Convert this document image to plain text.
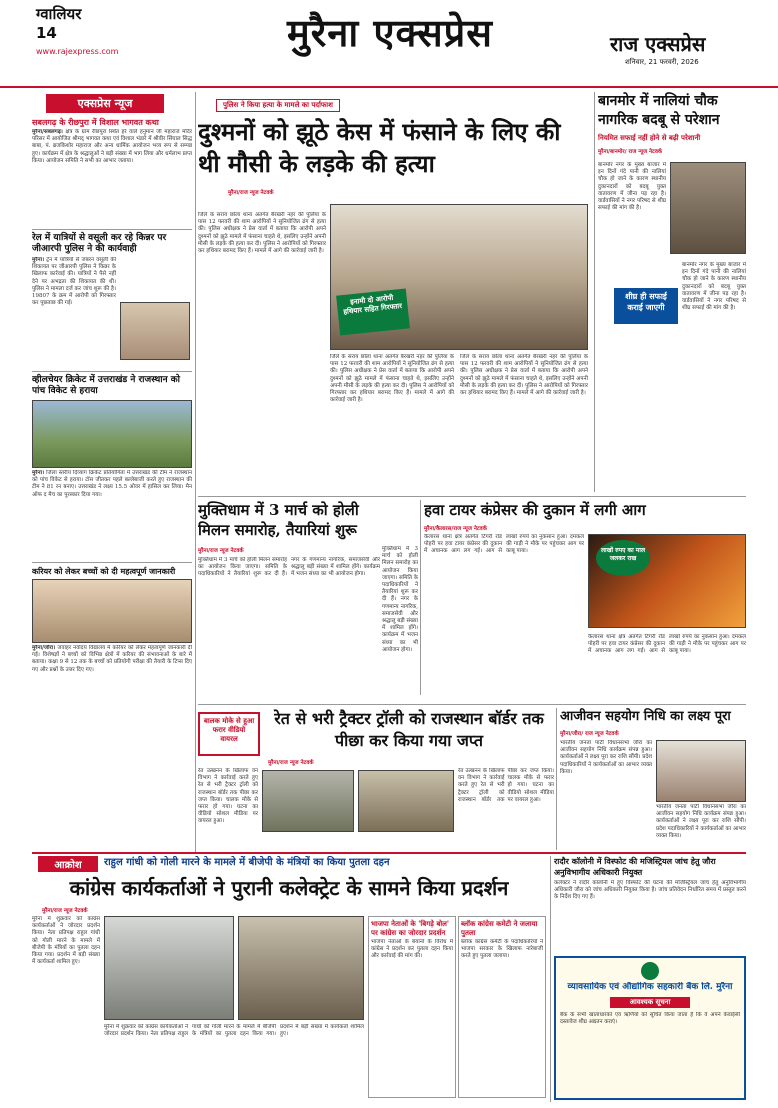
ग्वालियर
14
www.rajexpress.com	मुरैना एक्सप्रेस	राज एक्सप्रेस
शनिवार, 21 फरवरी, 2026
एक्सप्रेस न्यूज
सबलगढ़ के रीछपुरा में विशाल भागवत कथा
मुरैना/सबलगढ़। क्षेत्र के ग्राम रीछपुरा स्थित हरे वाले हनुमान जी महाराज मंदिर परिसर में आयोजित श्रीमद् भागवत कथा एवं विशाल भंडारे में श्रीवीर सिंघाल सिद्ध बाबा, पं. ब्रजकिशोर महाराज और अन्य धार्मिक आयोजन भव्य रूप से सम्पन्न हुए। कार्यक्रम में क्षेत्र के श्रद्धालुओं ने बड़ी संख्या में भाग लिया और धर्मलाभ प्राप्त किया। आयोजन समिति ने सभी का आभार जताया।
रेल में यात्रियों से वसूली कर रहे किन्नर पर जीआरपी पुलिस ने की कार्यवाही
मुरैना। ट्रेन में यात्रियों से जबरन वसूली की शिकायत पर जीआरपी पुलिस ने किन्नर के खिलाफ कार्रवाई की। यात्रियों ने पैसे नहीं देने पर अभद्रता की शिकायत की थी। पुलिस ने मामला दर्ज कर जांच शुरू की है। 19807 के क्रम में आरोपी को गिरफ्तार कर पूछताछ की गई।
व्हीलचेयर क्रिकेट में उत्तराखंड ने राजस्थान को पांच विकेट से हराया
मुरैना। जिला स्तरीय दिव्यांग क्रिकेट प्रतियोगिता में उत्तराखंड की टीम ने राजस्थान को पांच विकेट से हराया। टॉस जीतकर पहले बल्लेबाजी करते हुए राजस्थान की टीम ने 81 रन बनाए। उत्तराखंड ने लक्ष्य 15.5 ओवर में हासिल कर लिया। मैन ऑफ द मैच का पुरस्कार दिया गया।
करियर को लेकर बच्चों को दी महत्वपूर्ण जानकारी
मुरैना/जौरा। जवाहर नवोदय विद्यालय में करियर को लेकर महत्वपूर्ण जानकारी दी गई। विशेषज्ञों ने बच्चों को विभिन्न क्षेत्रों में करियर की संभावनाओं के बारे में बताया। कक्षा 9 से 12 तक के बच्चों को प्रतियोगी परीक्षा की तैयारी के टिप्स दिए गए और प्रश्नों के उत्तर दिए गए।
पुलिस ने किया हत्या के मामले का पर्दाफाश
दुश्मनों को झूठे केस में फंसाने के लिए की थी मौसी के लड़के की हत्या
मुरैना/राज न्यूज नेटवर्क
जिले के सराय छोला थाना अंतर्गत बैरखरी नहर की पुलिया के पास 12 फरवरी की शाम आरोपियों ने सुनियोजित ढंग से हत्या की। पुलिस अधीक्षक ने प्रेस वार्ता में बताया कि आरोपी अपने दुश्मनों को झूठे मामले में फंसाना चाहते थे, इसलिए उन्होंने अपनी मौसी के लड़के की हत्या कर दी। पुलिस ने आरोपियों को गिरफ्तार कर हथियार बरामद किए हैं। मामले में आगे की कार्रवाई जारी है।
इनामी दो आरोपी हथियार सहित गिरफ्तार
जिले के सराय छोला थाना अंतर्गत बैरखरी नहर की पुलिया के पास 12 फरवरी की शाम आरोपियों ने सुनियोजित ढंग से हत्या की। पुलिस अधीक्षक ने प्रेस वार्ता में बताया कि आरोपी अपने दुश्मनों को झूठे मामले में फंसाना चाहते थे, इसलिए उन्होंने अपनी मौसी के लड़के की हत्या कर दी। पुलिस ने आरोपियों को गिरफ्तार कर हथियार बरामद किए हैं। मामले में आगे की कार्रवाई जारी है।
जिले के सराय छोला थाना अंतर्गत बैरखरी नहर की पुलिया के पास 12 फरवरी की शाम आरोपियों ने सुनियोजित ढंग से हत्या की। पुलिस अधीक्षक ने प्रेस वार्ता में बताया कि आरोपी अपने दुश्मनों को झूठे मामले में फंसाना चाहते थे, इसलिए उन्होंने अपनी मौसी के लड़के की हत्या कर दी। पुलिस ने आरोपियों को गिरफ्तार कर हथियार बरामद किए हैं। मामले में आगे की कार्रवाई जारी है।
बानमोर में नालियां चौक नागरिक बदबू से परेशान
नियमित सफाई नहीं होने से बढ़ी परेशानी
मुरैना/बानमोर/ राज न्यूज नेटवर्क
बानमोर नगर के मुख्य बाजार में इन दिनों गंदे पानी की नालियां चौक हो जाने के कारण स्थानीय दुकानदारों को बदबू युक्त वातावरण में जीना पड़ रहा है। वार्डवासियों ने नगर परिषद से शीघ्र सफाई की मांग की है।
शीघ्र ही सफाई कराई जाएगी
बानमोर नगर के मुख्य बाजार में इन दिनों गंदे पानी की नालियां चौक हो जाने के कारण स्थानीय दुकानदारों को बदबू युक्त वातावरण में जीना पड़ रहा है। वार्डवासियों ने नगर परिषद से शीघ्र सफाई की मांग की है।
मुक्तिधाम में 3 मार्च को होली मिलन समारोह, तैयारियां शुरू
मुरैना/राज न्यूज नेटवर्क
मुक्तिधाम में 3 मार्च को होली मिलन समारोह का आयोजन किया जाएगा। समिति के पदाधिकारियों ने तैयारियां शुरू कर दी हैं। नगर के गणमान्य नागरिक, समाजसेवी और श्रद्धालु बड़ी संख्या में शामिल होंगे। कार्यक्रम में भजन संध्या का भी आयोजन होगा।
मुक्तिधाम में 3 मार्च को होली मिलन समारोह का आयोजन किया जाएगा। समिति के पदाधिकारियों ने तैयारियां शुरू कर दी हैं। नगर के गणमान्य नागरिक, समाजसेवी और श्रद्धालु बड़ी संख्या में शामिल होंगे। कार्यक्रम में भजन संध्या का भी आयोजन होगा।
हवा टायर कंप्रेसर की दुकान में लगी आग
मुरैना/कैलारस/राज न्यूज नेटवर्क
कैलारस थाना क्षेत्र अंतर्गत टिंगरी रोड पोहरी पर हवा टायर कंप्रेसर की दुकान में अचानक आग लग गई। आग से लाखों रुपये का नुकसान हुआ। दमकल की गाड़ी ने मौके पर पहुंचकर आग पर काबू पाया।	लाखों रुपए का माल जलकर राख
कैलारस थाना क्षेत्र अंतर्गत टिंगरी रोड पोहरी पर हवा टायर कंप्रेसर की दुकान में अचानक आग लग गई। आग से लाखों रुपये का नुकसान हुआ। दमकल की गाड़ी ने मौके पर पहुंचकर आग पर काबू पाया।
बालक मोके से हुआ फरार वीडियो वायरल
रेत से भरी ट्रैक्टर ट्रॉली को राजस्थान बॉर्डर तक पीछा कर किया गया जप्त
मुरैना/राज न्यूज नेटवर्क
रेत उत्खनन के खिलाफ वन विभाग ने कार्रवाई करते हुए रेत से भरी ट्रैक्टर ट्रॉली को राजस्थान बॉर्डर तक पीछा कर जप्त किया। चालक मौके से फरार हो गया। घटना का वीडियो सोशल मीडिया पर वायरल हुआ।
रेत उत्खनन के खिलाफ वन विभाग ने कार्रवाई करते हुए रेत से भरी ट्रैक्टर ट्रॉली को राजस्थान बॉर्डर तक पीछा कर जप्त किया। चालक मौके से फरार हो गया। घटना का वीडियो सोशल मीडिया पर वायरल हुआ।
आजीवन सहयोग निधि का लक्ष्य पूरा
मुरैना/जौरा/ राज न्यूज नेटवर्क
भारतीय जनता पार्टी विधानसभा जौरा का आजीवन सहयोग निधि कार्यक्रम संपन्न हुआ। कार्यकर्ताओं ने लक्ष्य पूरा कर राशि सौंपी। प्रदेश पदाधिकारियों ने कार्यकर्ताओं का आभार व्यक्त किया।
भारतीय जनता पार्टी विधानसभा जौरा का आजीवन सहयोग निधि कार्यक्रम संपन्न हुआ। कार्यकर्ताओं ने लक्ष्य पूरा कर राशि सौंपी। प्रदेश पदाधिकारियों ने कार्यकर्ताओं का आभार व्यक्त किया।
आक्रोश	राहुल गांधी को गोली मारने के मामले में बीजेपी के मंत्रियों का किया पुतला दहन
कांग्रेस कार्यकर्ताओं ने पुरानी कलेक्ट्रेट के सामने किया प्रदर्शन
मुरैना/राज न्यूज नेटवर्क
मुरैना में शुक्रवार को कांग्रेस कार्यकर्ताओं ने जोरदार प्रदर्शन किया। नेता प्रतिपक्ष राहुल गांधी को गोली मारने के मामले में बीजेपी के मंत्रियों का पुतला दहन किया गया। प्रदर्शन में बड़ी संख्या में कार्यकर्ता शामिल हुए।
मुरैना में शुक्रवार को कांग्रेस कार्यकर्ताओं ने जोरदार प्रदर्शन किया। नेता प्रतिपक्ष राहुल गांधी को गोली मारने के मामले में बीजेपी के मंत्रियों का पुतला दहन किया गया। प्रदर्शन में बड़ी संख्या में कार्यकर्ता शामिल हुए।
भाजपा नेताओं के 'बिगड़े बोल' पर कांग्रेस का जोरदार प्रदर्शन
भाजपा नेताओं के बयानों के विरोध में कांग्रेस ने प्रदर्शन कर पुतला दहन किया और कार्रवाई की मांग की।
ब्लॉक कांग्रेस कमेटी ने जलाया पुतला
ब्लॉक कांग्रेस कमेटी के पदाधिकारियों ने भाजपा सरकार के खिलाफ नारेबाजी करते हुए पुतला जलाया।
रादौर कॉलोनी में विस्फोट की मजिस्ट्रियल जांच हेतु जौरा अनुविभागीय अधिकारी नियुक्त
कलेक्टर ने रादौर कॉलोनी में हुए विस्फोट की घटना की मजिस्ट्रियल जांच हेतु अनुविभागीय अधिकारी जौरा को जांच अधिकारी नियुक्त किया है। जांच प्रतिवेदन निर्धारित समय में प्रस्तुत करने के निर्देश दिए गए हैं।
व्यावसायिक एवं औद्योगिक सहकारी बैंक लि. मुरैना
आवश्यक सूचना
बैंक के सभी खाताधारकों एवं ऋणियों को सूचित किया जाता है कि वे अपने केवाईसी दस्तावेज शीघ्र अद्यतन कराएं।
